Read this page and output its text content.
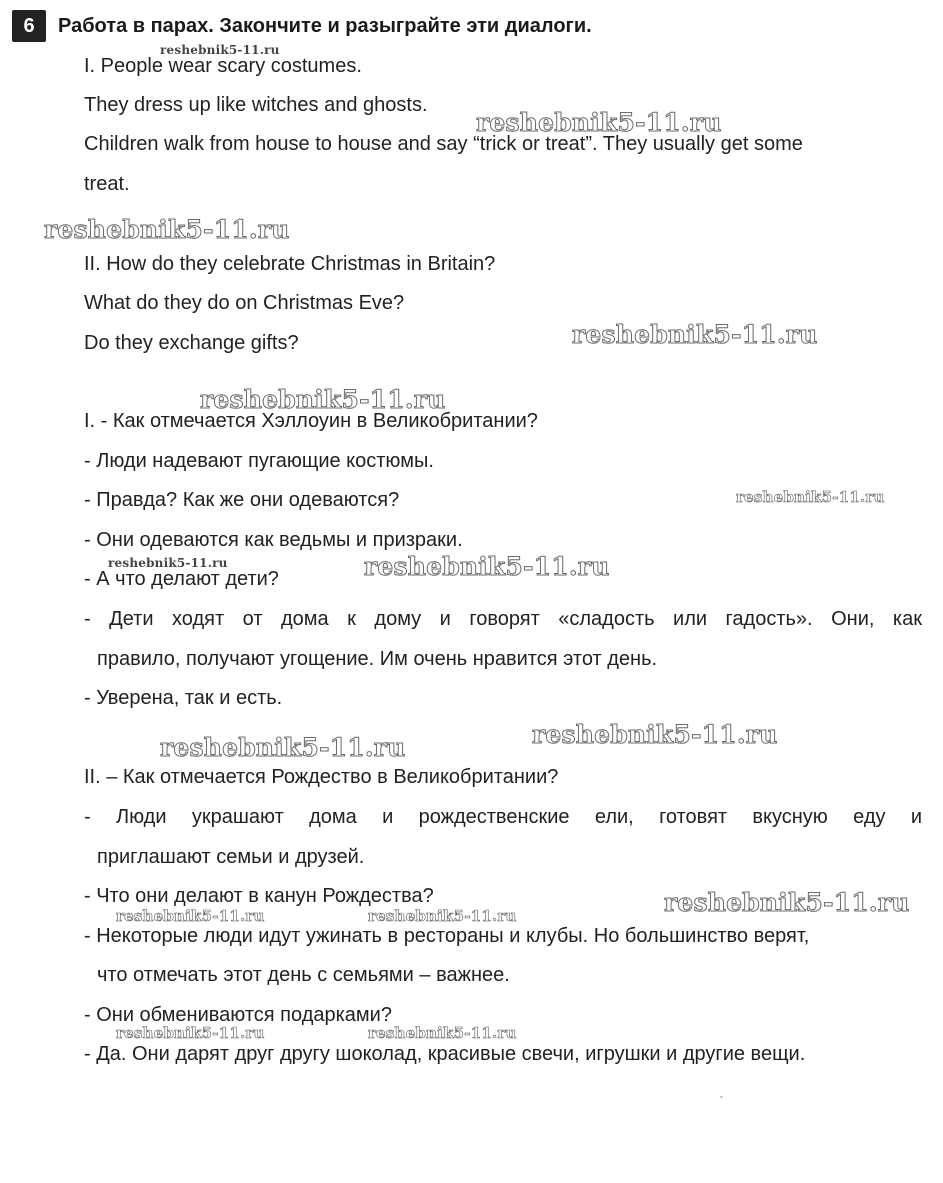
6	Работа в парах. Закончите и разыграйте эти диалоги.
I. People wear scary costumes.
They dress up like witches and ghosts.
Children walk from house to house and say “trick or treat”. They usually get some
treat.
II. How do they celebrate Christmas in Britain?
What do they do on Christmas Eve?
Do they exchange gifts?
I. - Как отмечается Хэллоуин в Великобритании?
- Люди надевают пугающие костюмы.
- Правда? Как же они одеваются?
- Они одеваются как ведьмы и призраки.
- А что делают дети?
- Дети ходят от дома к дому и говорят «сладость или гадость». Они, как
правило, получают угощение. Им очень нравится этот день.
- Уверена, так и есть.
II. – Как отмечается Рождество в Великобритании?
- Люди украшают дома и рождественские ели, готовят вкусную еду и
приглашают семьи и друзей.
- Что они делают в канун Рождества?
- Некоторые люди идут ужинать в рестораны и клубы. Но большинство верят,
что отмечать этот день с семьями – важнее.
- Они обмениваются подарками?
- Да. Они дарят друг другу шоколад, красивые свечи, игрушки и другие вещи.
reshebnik5-11.ru
reshebnik5-11.ru
reshebnik5-11.ru
reshebnik5-11.ru
reshebnik5-11.ru
reshebnik5-11.ru
reshebnik5-11.ru	reshebnik5-11.ru
reshebnik5-11.ru
reshebnik5-11.ru
reshebnik5-11.ru
reshebnik5-11.ru	reshebnik5-11.ru
reshebnik5-11.ru	reshebnik5-11.ru
